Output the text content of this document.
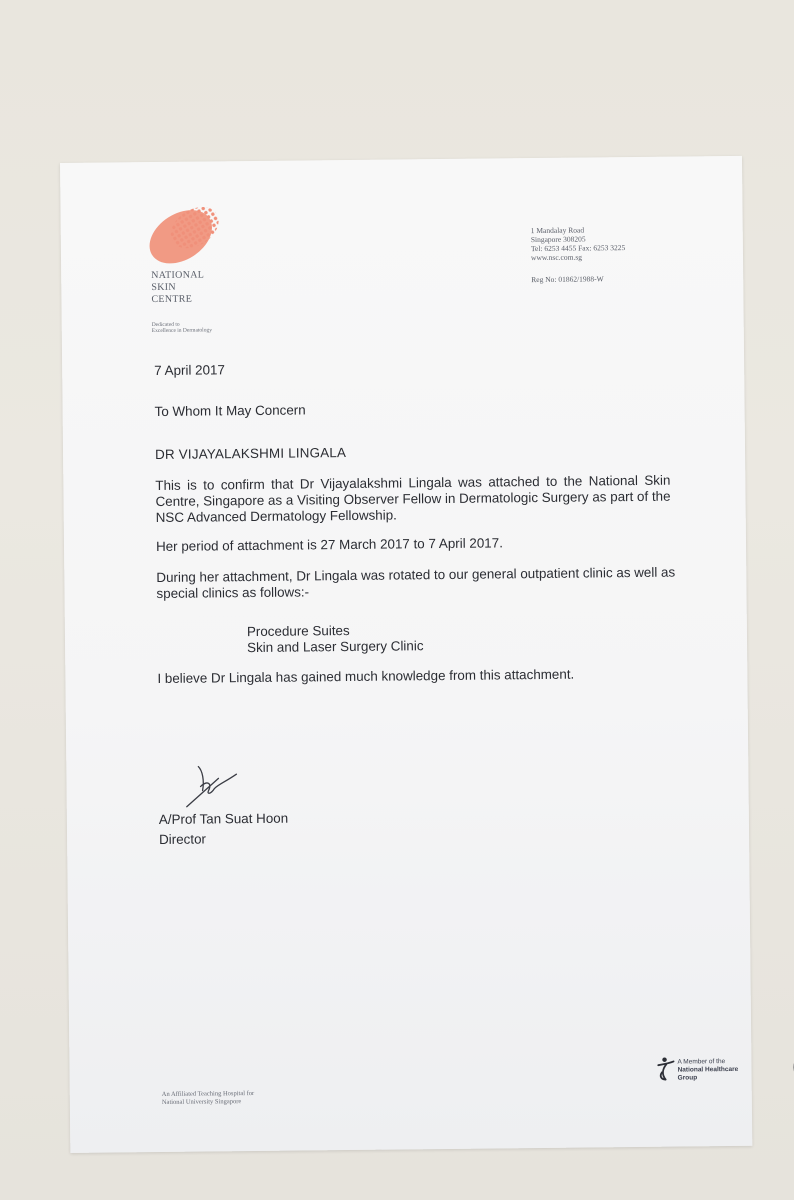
NATIONAL
SKIN
CENTRE
Dedicated to
Excellence in Dermatology
1 Mandalay Road
Singapore 308205
Tel: 6253 4455 Fax: 6253 3225
www.nsc.com.sg
Reg No: 01862/1988-W
7 April 2017
To Whom It May Concern
DR VIJAYALAKSHMI LINGALA
This is to confirm that Dr Vijayalakshmi Lingala was attached to the National Skin Centre, Singapore as a Visiting Observer Fellow in Dermatologic Surgery as part of the NSC Advanced Dermatology Fellowship.
Her period of attachment is 27 March 2017 to 7 April 2017.
During her attachment, Dr Lingala was rotated to our general outpatient clinic as well as special clinics as follows:-
Procedure Suites
Skin and Laser Surgery Clinic
I believe Dr Lingala has gained much knowledge from this attachment.
A/Prof Tan Suat Hoon
Director
An Affiliated Teaching Hospital for
National University Singapore
A Member of the
National Healthcare Group
